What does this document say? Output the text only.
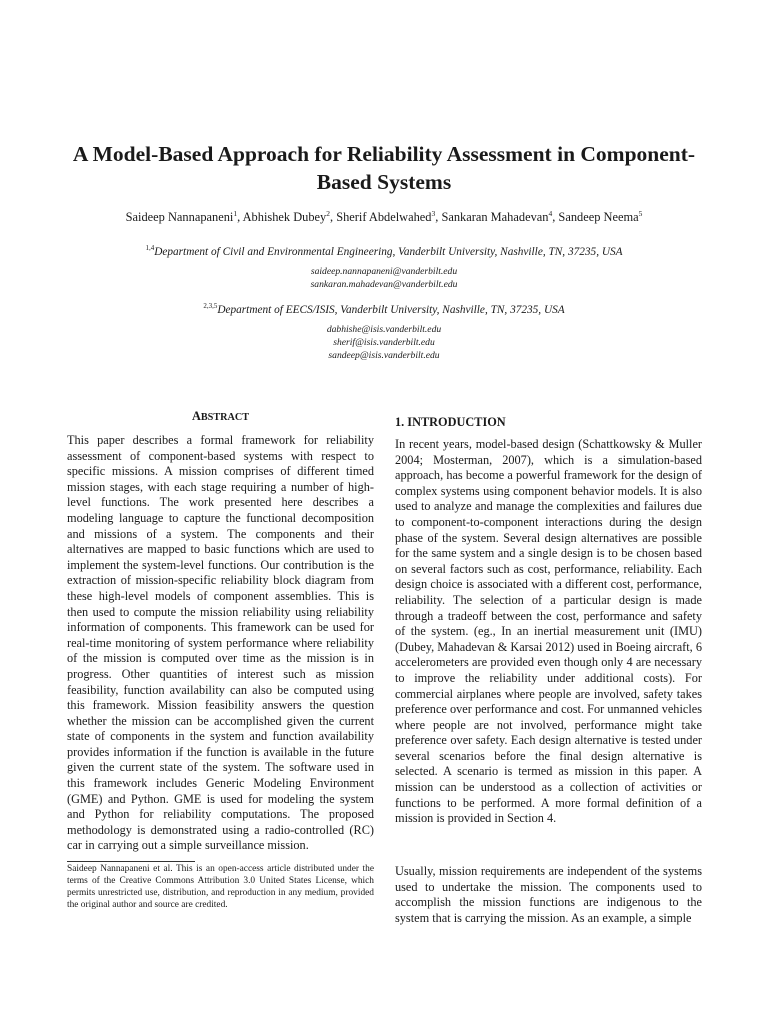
A Model-Based Approach for Reliability Assessment in Component-
Based Systems
Saideep Nannapaneni$^1$, Abhishek Dubey$^2$, Sherif Abdelwahed$^3$, Sankaran Mahadevan$^4$, Sandeep Neema$^5$
$^{1,4}$Department of Civil and Environmental Engineering, Vanderbilt University, Nashville, TN, 37235, USA
saideep.nannapaneni@vanderbilt.edu
sankaran.mahadevan@vanderbilt.edu
$^{2,3,5}$Department of EECS/ISIS, Vanderbilt University, Nashville, TN, 37235, USA
dabhishe@isis.vanderbilt.edu
sherif@isis.vanderbilt.edu
sandeep@isis.vanderbilt.edu
ABSTRACT
This paper describes a formal framework for reliability assessment of component-based systems with respect to specific missions. A mission comprises of different timed mission stages, with each stage requiring a number of high-level functions. The work presented here describes a modeling language to capture the functional decomposition and missions of a system. The components and their alternatives are mapped to basic functions which are used to implement the system-level functions. Our contribution is the extraction of mission-specific reliability block diagram from these high-level models of component assemblies. This is then used to compute the mission reliability using reliability information of components. This framework can be used for real-time monitoring of system performance where reliability of the mission is computed over time as the mission is in progress. Other quantities of interest such as mission feasibility, function availability can also be computed using this framework. Mission feasibility answers the question whether the mission can be accomplished given the current state of components in the system and function availability provides information if the function is available in the future given the current state of the system. The software used in this framework includes Generic Modeling Environment (GME) and Python. GME is used for modeling the system and Python for reliability computations. The proposed methodology is demonstrated using a radio-controlled (RC) car in carrying out a simple surveillance mission.
Saideep Nannapaneni et al. This is an open-access article distributed under the terms of the Creative Commons Attribution 3.0 United States License, which permits unrestricted use, distribution, and reproduction in any medium, provided the original author and source are credited.
1. INTRODUCTION
In recent years, model-based design (Schattkowsky & Muller 2004; Mosterman, 2007), which is a simulation-based approach, has become a powerful framework for the design of complex systems using component behavior models. It is also used to analyze and manage the complexities and failures due to component-to-component interactions during the design phase of the system. Several design alternatives are possible for the same system and a single design is to be chosen based on several factors such as cost, performance, reliability. Each design choice is associated with a different cost, performance, reliability. The selection of a particular design is made through a tradeoff between the cost, performance and safety of the system. (eg., In an inertial measurement unit (IMU) (Dubey, Mahadevan & Karsai 2012) used in Boeing aircraft, 6 accelerometers are provided even though only 4 are necessary to improve the reliability under additional costs). For commercial airplanes where people are involved, safety takes preference over performance and cost. For unmanned vehicles where people are not involved, performance might take preference over safety. Each design alternative is tested under several scenarios before the final design alternative is selected. A scenario is termed as mission in this paper. A mission can be understood as a collection of activities or functions to be performed. A more formal definition of a mission is provided in Section 4.
Usually, mission requirements are independent of the systems used to undertake the mission. The components used to accomplish the mission functions are indigenous to the system that is carrying the mission. As an example, a simple
